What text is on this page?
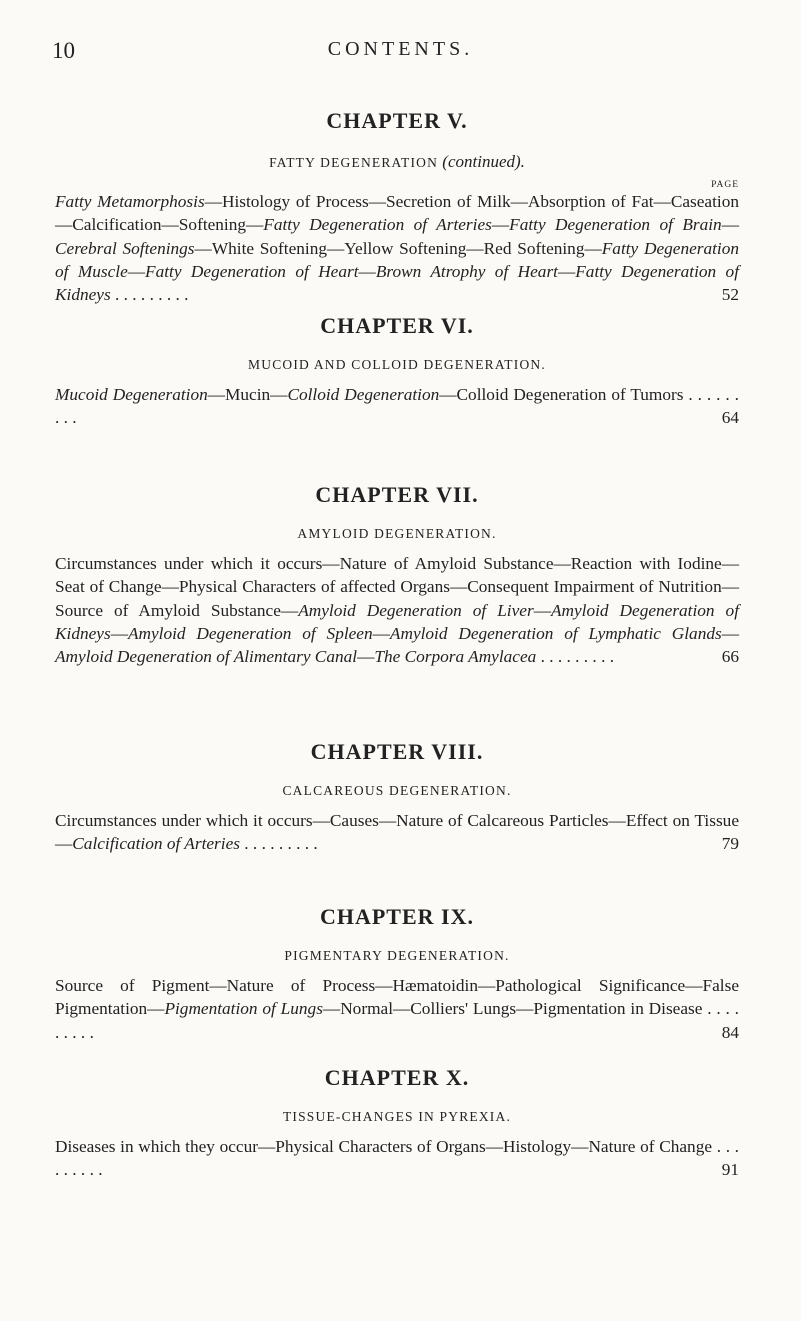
10	CONTENTS.
CHAPTER V.
FATTY DEGENERATION (continued).
PAGE

Fatty Metamorphosis—Histology of Process—Secretion of Milk—Absorption of Fat—Caseation—Calcification—Softening—Fatty Degeneration of Arteries—Fatty Degeneration of Brain—Cerebral Softenings—White Softening—Yellow Softening—Red Softening—Fatty Degeneration of Muscle—Fatty Degeneration of Heart—Brown Atrophy of Heart—Fatty Degeneration of Kidneys . . . . . . . . .	52

CHAPTER VI.
MUCOID AND COLLOID DEGENERATION.

Mucoid Degeneration—Mucin—Colloid Degeneration—Colloid Degeneration of Tumors . . . . . . . . .	64

CHAPTER VII.
AMYLOID DEGENERATION.

Circumstances under which it occurs—Nature of Amyloid Substance—Reaction with Iodine—Seat of Change—Physical Characters of affected Organs—Consequent Impairment of Nutrition—Source of Amyloid Substance—Amyloid Degeneration of Liver—Amyloid Degeneration of Kidneys—Amyloid Degeneration of Spleen—Amyloid Degeneration of Lymphatic Glands—Amyloid Degeneration of Alimentary Canal—The Corpora Amylacea . . . . . . . . .	66

CHAPTER VIII.
CALCAREOUS DEGENERATION.

Circumstances under which it occurs—Causes—Nature of Calcareous Particles—Effect on Tissue—Calcification of Arteries . . . . . . . . .	79

CHAPTER IX.
PIGMENTARY DEGENERATION.

Source of Pigment—Nature of Process—Hæmatoidin—Pathological Significance—False Pigmentation—Pigmentation of Lungs—Normal—Colliers' Lungs—Pigmentation in Disease . . . . . . . . .	84

CHAPTER X.
TISSUE-CHANGES IN PYREXIA.

Diseases in which they occur—Physical Characters of Organs—Histology—Nature of Change . . . . . . . . .	91
